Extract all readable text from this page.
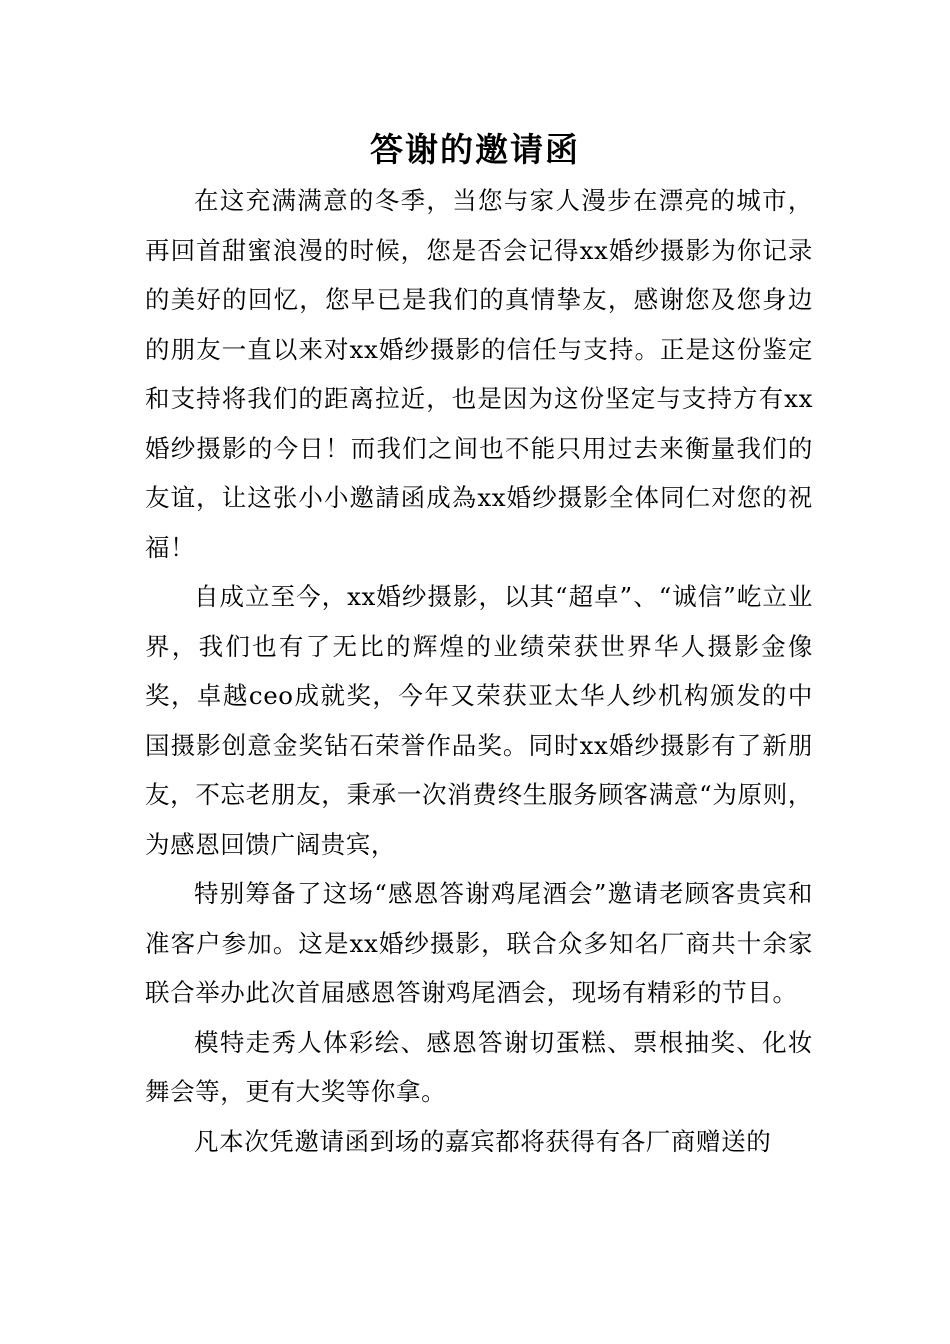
答谢的邀请函

在这充满满意的冬季，当您与家人漫步在漂亮的城市，再回首甜蜜浪漫的时候，您是否会记得xx婚纱摄影为你记录的美好的回忆，您早已是我们的真情挚友，感谢您及您身边的朋友一直以来对xx婚纱摄影的信任与支持。正是这份鉴定和支持将我们的距离拉近，也是因为这份坚定与支持方有xx婚纱摄影的今日！而我们之间也不能只用过去来衡量我们的友谊，让这张小小邀請函成為xx婚纱摄影全体同仁对您的祝福！

自成立至今，xx婚纱摄影，以其“超卓”、“诚信”屹立业界，我们也有了无比的辉煌的业绩荣获世界华人摄影金像奖，卓越ceo成就奖，今年又荣获亚太华人纱机构颁发的中国摄影创意金奖钻石荣誉作品奖。同时xx婚纱摄影有了新朋友，不忘老朋友，秉承一次消费终生服务顾客满意“为原则，为感恩回馈广阔贵宾，

特别筹备了这场“感恩答谢鸡尾酒会”邀请老顾客贵宾和准客户参加。这是xx婚纱摄影，联合众多知名厂商共十余家联合举办此次首届感恩答谢鸡尾酒会，现场有精彩的节目。

模特走秀人体彩绘、感恩答谢切蛋糕、票根抽奖、化妆舞会等，更有大奖等你拿。

凡本次凭邀请函到场的嘉宾都将获得有各厂商赠送的
